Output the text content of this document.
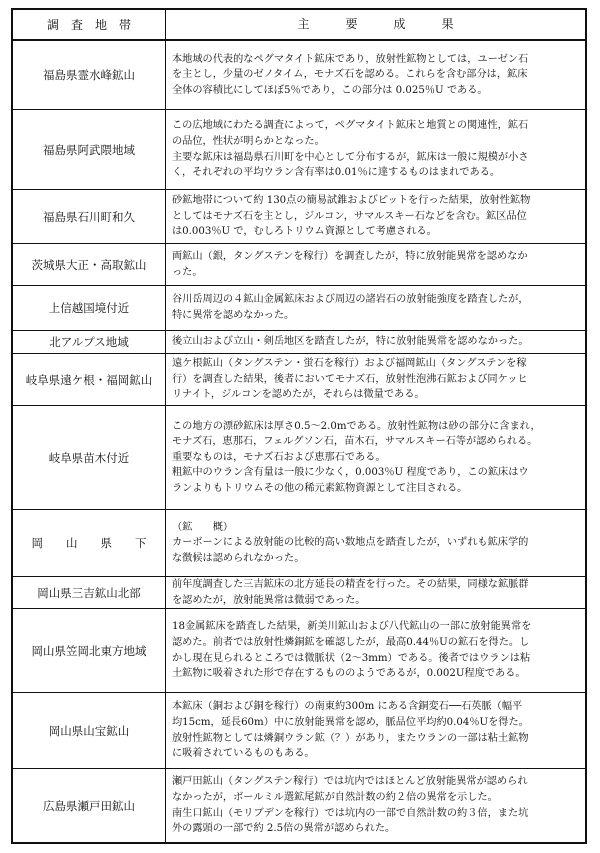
調　査　地　帯	主　　　要　　　成　　　果
福島県霊水峰鉱山
本地域の代表的なペグマタイト鉱床であり，放射性鉱物としては，ユーゼン石
を主とし，少量のゼノタイム，モナズ石を認める。これらを含む部分は，鉱床
全体の容積比にしてほぼ5％であり，この部分は 0.025％U である。
福島県阿武隈地域
この広地域にわたる調査によって，ペグマタイト鉱床と地質との関連性，鉱石
の品位，性状が明らかとなった。
主要な鉱床は福島県石川町を中心として分布するが，鉱床は一般に規模が小さ
く，それぞれの平均ウラン含有率は0.01％に達するものはまれである。
福島県石川町和久
砂鉱地帯について約 130点の簡易試錐およびピットを行った結果，放射性鉱物
としてはモナズ石を主とし，ジルコン，サマルスキー石などを含む。鉱区品位
は0.003％U で，むしろトリウム資源として考慮される。
茨城県大正・高取鉱山
両鉱山（銀，タングステンを稼行）を調査したが，特に放射能異常を認めなか
った。
上信越国境付近
谷川岳周辺の４鉱山金属鉱床および周辺の諸岩石の放射能強度を踏査したが，
特に異常を認めなかった。
北アルプス地域	後立山および立山・剣岳地区を踏査したが，特に放射能異常を認めなかった。
岐阜県遠ケ根・福岡鉱山
遠ケ根鉱山（タングステン・蛍石を稼行）および福岡鉱山（タングステンを稼
行）を調査した結果，後者においてモナズ石，放射性泡沸石鉱および同ケッヒ
リナイト，ジルコンを認めたが，それらは微量である。
岐阜県苗木付近
この地方の漂砂鉱床は厚さ0.5〜2.0mである。放射性鉱物は砂の部分に含まれ，
モナズ石，恵那石，フェルグソン石，苗木石，サマルスキー石等が認められる。
重要なものは，モナズ石および恵那石である。
粗鉱中のウラン含有量は一般に少なく，0.003％U 程度であり，この鉱床はウ
ランよりもトリウムその他の稀元素鉱物資源として注目される。
岡　　山　　県　　下
（鉱　　概）
カーボーンによる放射能の比較的高い数地点を踏査したが，いずれも鉱床学的
な徴候は認められなかった。
岡山県三吉鉱山北部
前年度調査した三吉鉱床の北方延長の精査を行った。その結果，同様な鉱脈群
を認めたが，放射能異常は微弱であった。
岡山県笠岡北東方地域
18金属鉱床を踏査した結果，新美川鉱山および八代鉱山の一部に放射能異常を
認めた。前者では放射性燐銅鉱を確認したが，最高0.44％Uの鉱石を得た。し
かし現在見られるところでは微脈状（2〜3mm）である。後者ではウランは粘
土鉱物に吸着された形で存在するもののようであるが，0.002U程度である。
岡山県山宝鉱山
本鉱床（銅および銅を稼行）の南東約300m にある含銅変石──石英脈（幅平
均15cm，延長60m）中に放射能異常を認め，脈品位平均約0.04％Uを得た。
放射性鉱物としては燐銅ウラン鉱（？）があり，またウランの一部は粘土鉱物
に吸着されているものもある。
広島県瀬戸田鉱山
瀬戸田鉱山（タングステン稼行）では坑内ではほとんど放射能異常が認められ
なかったが，ボールミル選鉱尾鉱が自然計数の約２倍の異常を示した。
南生口鉱山（モリブデンを稼行）では坑内の一部で自然計数の約３倍，また坑
外の露頭の一部で約 2.5倍の異常が認められた。
